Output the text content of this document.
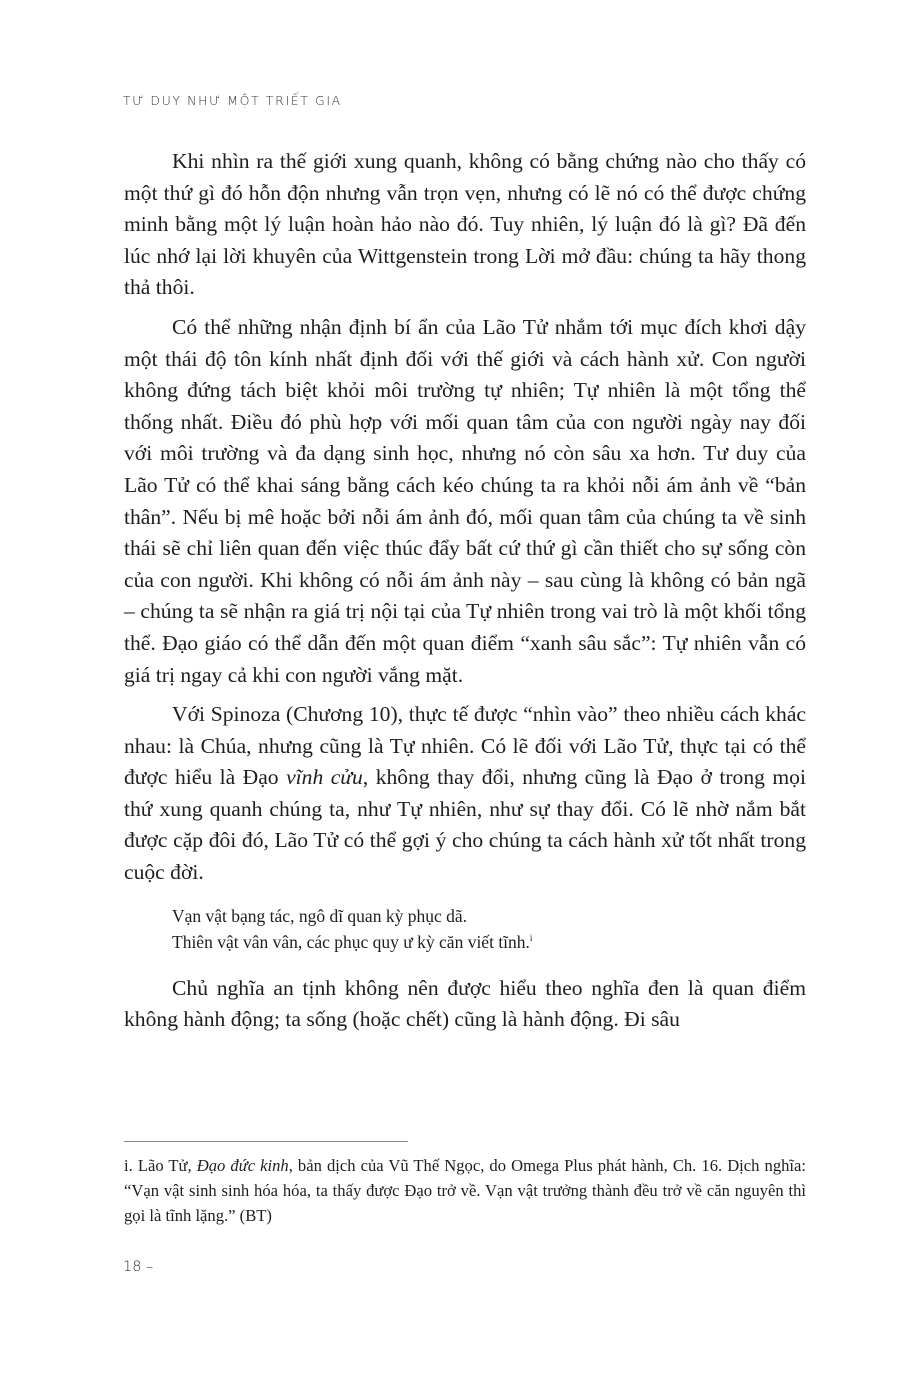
TƯ DUY NHƯ MỘT TRIẾT GIA

Khi nhìn ra thế giới xung quanh, không có bằng chứng nào cho thấy có một thứ gì đó hỗn độn nhưng vẫn trọn vẹn, nhưng có lẽ nó có thể được chứng minh bằng một lý luận hoàn hảo nào đó. Tuy nhiên, lý luận đó là gì? Đã đến lúc nhớ lại lời khuyên của Wittgenstein trong Lời mở đầu: chúng ta hãy thong thả thôi.

Có thể những nhận định bí ẩn của Lão Tử nhắm tới mục đích khơi dậy một thái độ tôn kính nhất định đối với thế giới và cách hành xử. Con người không đứng tách biệt khỏi môi trường tự nhiên; Tự nhiên là một tổng thể thống nhất. Điều đó phù hợp với mối quan tâm của con người ngày nay đối với môi trường và đa dạng sinh học, nhưng nó còn sâu xa hơn. Tư duy của Lão Tử có thể khai sáng bằng cách kéo chúng ta ra khỏi nỗi ám ảnh về “bản thân”. Nếu bị mê hoặc bởi nỗi ám ảnh đó, mối quan tâm của chúng ta về sinh thái sẽ chỉ liên quan đến việc thúc đẩy bất cứ thứ gì cần thiết cho sự sống còn của con người. Khi không có nỗi ám ảnh này – sau cùng là không có bản ngã – chúng ta sẽ nhận ra giá trị nội tại của Tự nhiên trong vai trò là một khối tổng thể. Đạo giáo có thể dẫn đến một quan điểm “xanh sâu sắc”: Tự nhiên vẫn có giá trị ngay cả khi con người vắng mặt.

Với Spinoza (Chương 10), thực tế được “nhìn vào” theo nhiều cách khác nhau: là Chúa, nhưng cũng là Tự nhiên. Có lẽ đối với Lão Tử, thực tại có thể được hiểu là Đạo vĩnh cửu, không thay đổi, nhưng cũng là Đạo ở trong mọi thứ xung quanh chúng ta, như Tự nhiên, như sự thay đổi. Có lẽ nhờ nắm bắt được cặp đôi đó, Lão Tử có thể gợi ý cho chúng ta cách hành xử tốt nhất trong cuộc đời.

Vạn vật bạng tác, ngô dĩ quan kỳ phục dã.
Thiên vật vân vân, các phục quy ư kỳ căn viết tĩnh.$^i$

Chủ nghĩa an tịnh không nên được hiểu theo nghĩa đen là quan điểm không hành động; ta sống (hoặc chết) cũng là hành động. Đi sâu

i. Lão Tử, Đạo đức kinh, bản dịch của Vũ Thế Ngọc, do Omega Plus phát hành, Ch. 16. Dịch nghĩa: “Vạn vật sinh sinh hóa hóa, ta thấy được Đạo trở về. Vạn vật trưởng thành đều trở về căn nguyên thì gọi là tĩnh lặng.” (BT)
18 –
